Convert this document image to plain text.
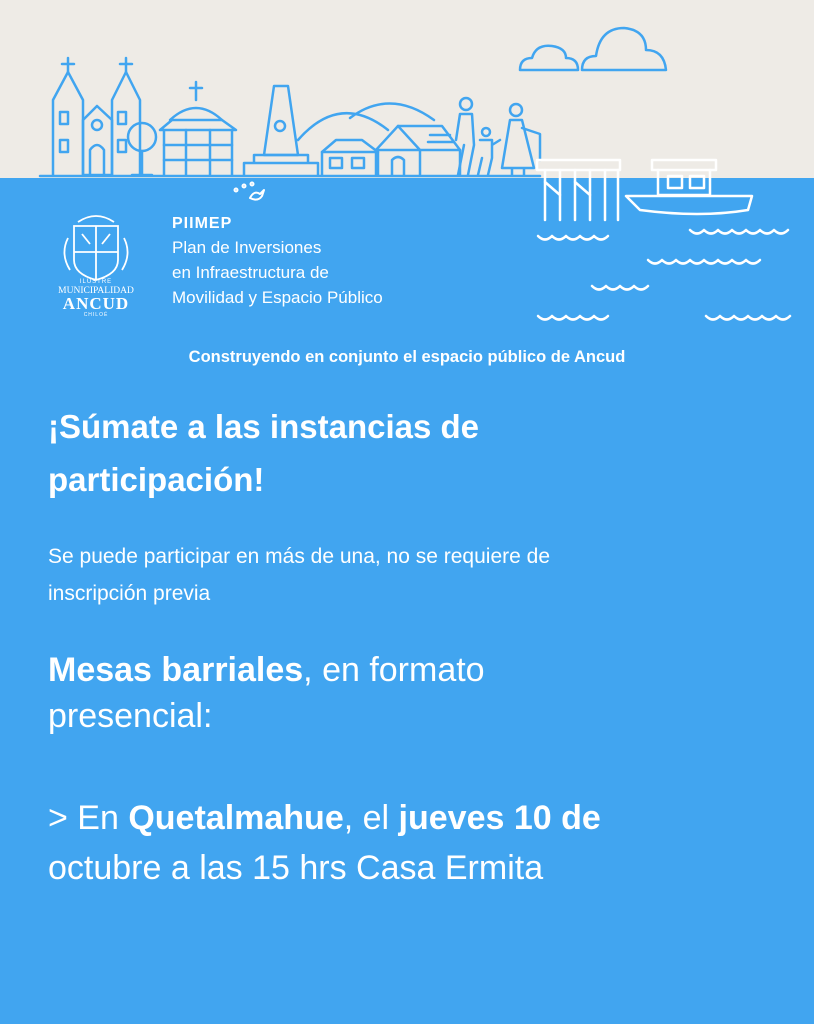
ILUSTRE
MUNICIPALIDAD
ANCUD
CHILOÉ
PIIMEP
Plan de Inversiones
en Infraestructura de
Movilidad y Espacio Público
Construyendo en conjunto el espacio público de Ancud
¡Súmate a las instancias de
participación!
Se puede participar en más de una, no se requiere de
inscripción previa
Mesas barriales, en formato
presencial:
> En Quetalmahue, el jueves 10 de
octubre a las 15 hrs Casa Ermita
